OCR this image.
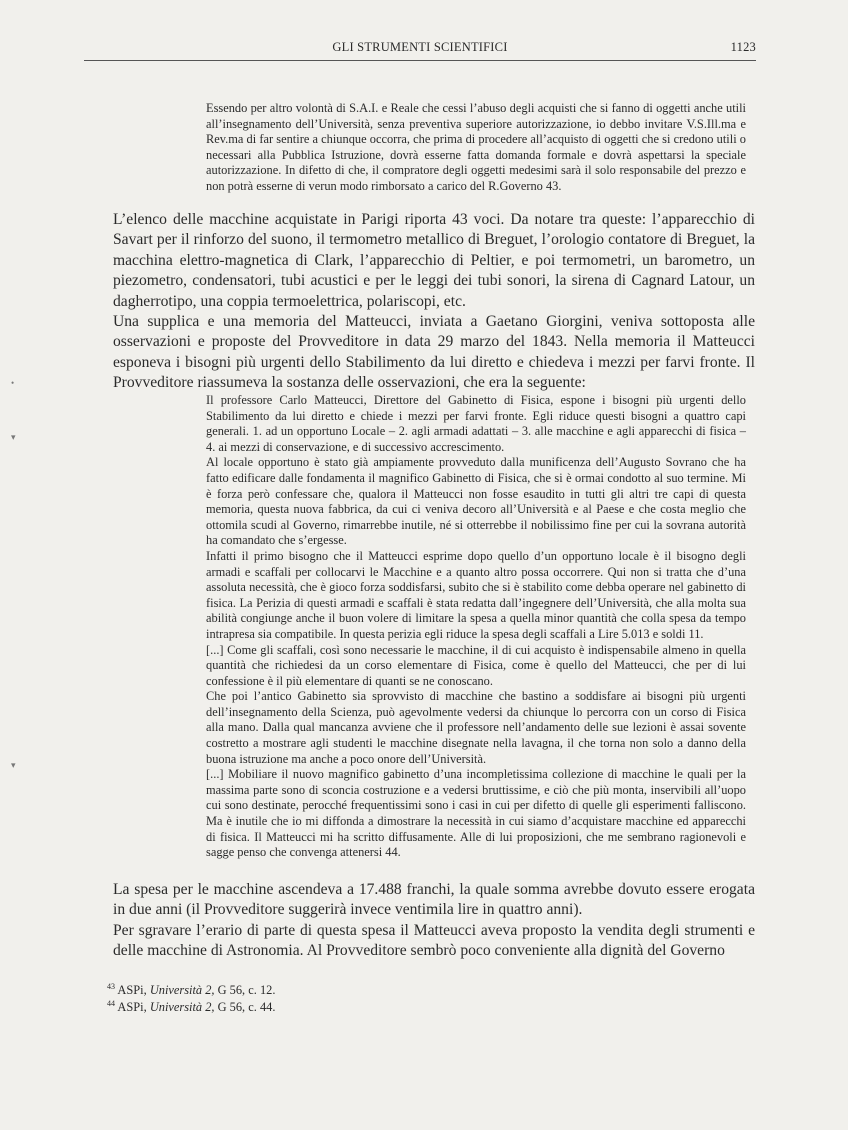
GLI STRUMENTI SCIENTIFICI	1123

Essendo per altro volontà di S.A.I. e Reale che cessi l’abuso degli acquisti che si fanno di oggetti anche utili all’insegnamento dell’Università, senza preventiva superiore autorizzazione, io debbo invitare V.S.Ill.ma e Rev.ma di far sentire a chiunque occorra, che prima di procedere all’acquisto di oggetti che si credono utili o necessari alla Pubblica Istruzione, dovrà esserne fatta domanda formale e dovrà aspettarsi la speciale autorizzazione. In difetto di che, il compratore degli oggetti medesimi sarà il solo responsabile del prezzo e non potrà esserne di verun modo rimborsato a carico del R.Governo 43.

L’elenco delle macchine acquistate in Parigi riporta 43 voci. Da notare tra queste: l’apparecchio di Savart per il rinforzo del suono, il termometro metallico di Breguet, l’orologio contatore di Breguet, la macchina elettro-magnetica di Clark, l’apparecchio di Peltier, e poi termometri, un barometro, un piezometro, condensatori, tubi acustici e per le leggi dei tubi sonori, la sirena di Cagnard Latour, un dagherrotipo, una coppia termoelettrica, polariscopi, etc.

Una supplica e una memoria del Matteucci, inviata a Gaetano Giorgini, veniva sottoposta alle osservazioni e proposte del Provveditore in data 29 marzo del 1843. Nella memoria il Matteucci esponeva i bisogni più urgenti dello Stabilimento da lui diretto e chiedeva i mezzi per farvi fronte. Il Provveditore riassumeva la sostanza delle osservazioni, che era la seguente:

Il professore Carlo Matteucci, Direttore del Gabinetto di Fisica, espone i bisogni più urgenti dello Stabilimento da lui diretto e chiede i mezzi per farvi fronte. Egli riduce questi bisogni a quattro capi generali. 1. ad un opportuno Locale – 2. agli armadi adattati – 3. alle macchine e agli apparecchi di fisica – 4. ai mezzi di conservazione, e di successivo accrescimento.

Al locale opportuno è stato già ampiamente provveduto dalla munificenza dell’Augusto Sovrano che ha fatto edificare dalle fondamenta il magnifico Gabinetto di Fisica, che si è ormai condotto al suo termine. Mi è forza però confessare che, qualora il Matteucci non fosse esaudito in tutti gli altri tre capi di questa memoria, questa nuova fabbrica, da cui ci veniva decoro all’Università e al Paese e che costa meglio che ottomila scudi al Governo, rimarrebbe inutile, né si otterrebbe il nobilissimo fine per cui la sovrana autorità ha comandato che s’ergesse.

Infatti il primo bisogno che il Matteucci esprime dopo quello d’un opportuno locale è il bisogno degli armadi e scaffali per collocarvi le Macchine e a quanto altro possa occorrere. Qui non si tratta che d’una assoluta necessità, che è gioco forza soddisfarsi, subito che si è stabilito come debba operare nel gabinetto di fisica. La Perizia di questi armadi e scaffali è stata redatta dall’ingegnere dell’Università, che alla molta sua abilità congiunge anche il buon volere di limitare la spesa a quella minor quantità che colla spesa da tempo intrapresa sia compatibile. In questa perizia egli riduce la spesa degli scaffali a Lire 5.013 e soldi 11.

[...] Come gli scaffali, così sono necessarie le macchine, il di cui acquisto è indispensabile almeno in quella quantità che richiedesi da un corso elementare di Fisica, come è quello del Matteucci, che per di lui confessione è il più elementare di quanti se ne conoscano.

Che poi l’antico Gabinetto sia sprovvisto di macchine che bastino a soddisfare ai bisogni più urgenti dell’insegnamento della Scienza, può agevolmente vedersi da chiunque lo percorra con un corso di Fisica alla mano. Dalla qual mancanza avviene che il professore nell’andamento delle sue lezioni è assai sovente costretto a mostrare agli studenti le macchine disegnate nella lavagna, il che torna non solo a danno della buona istruzione ma anche a poco onore dell’Università.

[...] Mobiliare il nuovo magnifico gabinetto d’una incompletissima collezione di macchine le quali per la massima parte sono di sconcia costruzione e a vedersi bruttissime, e ciò che più monta, inservibili all’uopo cui sono destinate, perocché frequentissimi sono i casi in cui per difetto di quelle gli esperimenti falliscono. Ma è inutile che io mi diffonda a dimostrare la necessità in cui siamo d’acquistare macchine ed apparecchi di fisica. Il Matteucci mi ha scritto diffusamente. Alle di lui proposizioni, che me sembrano ragionevoli e sagge penso che convenga attenersi 44.

La spesa per le macchine ascendeva a 17.488 franchi, la quale somma avrebbe dovuto essere erogata in due anni (il Provveditore suggerirà invece ventimila lire in quattro anni).

Per sgravare l’erario di parte di questa spesa il Matteucci aveva proposto la vendita degli strumenti e delle macchine di Astronomia. Al Provveditore sembrò poco conveniente alla dignità del Governo

$^{43}$ ASPi, Università 2, G 56, c. 12.

$^{44}$ ASPi, Università 2, G 56, c. 44.

•
▾
▾
